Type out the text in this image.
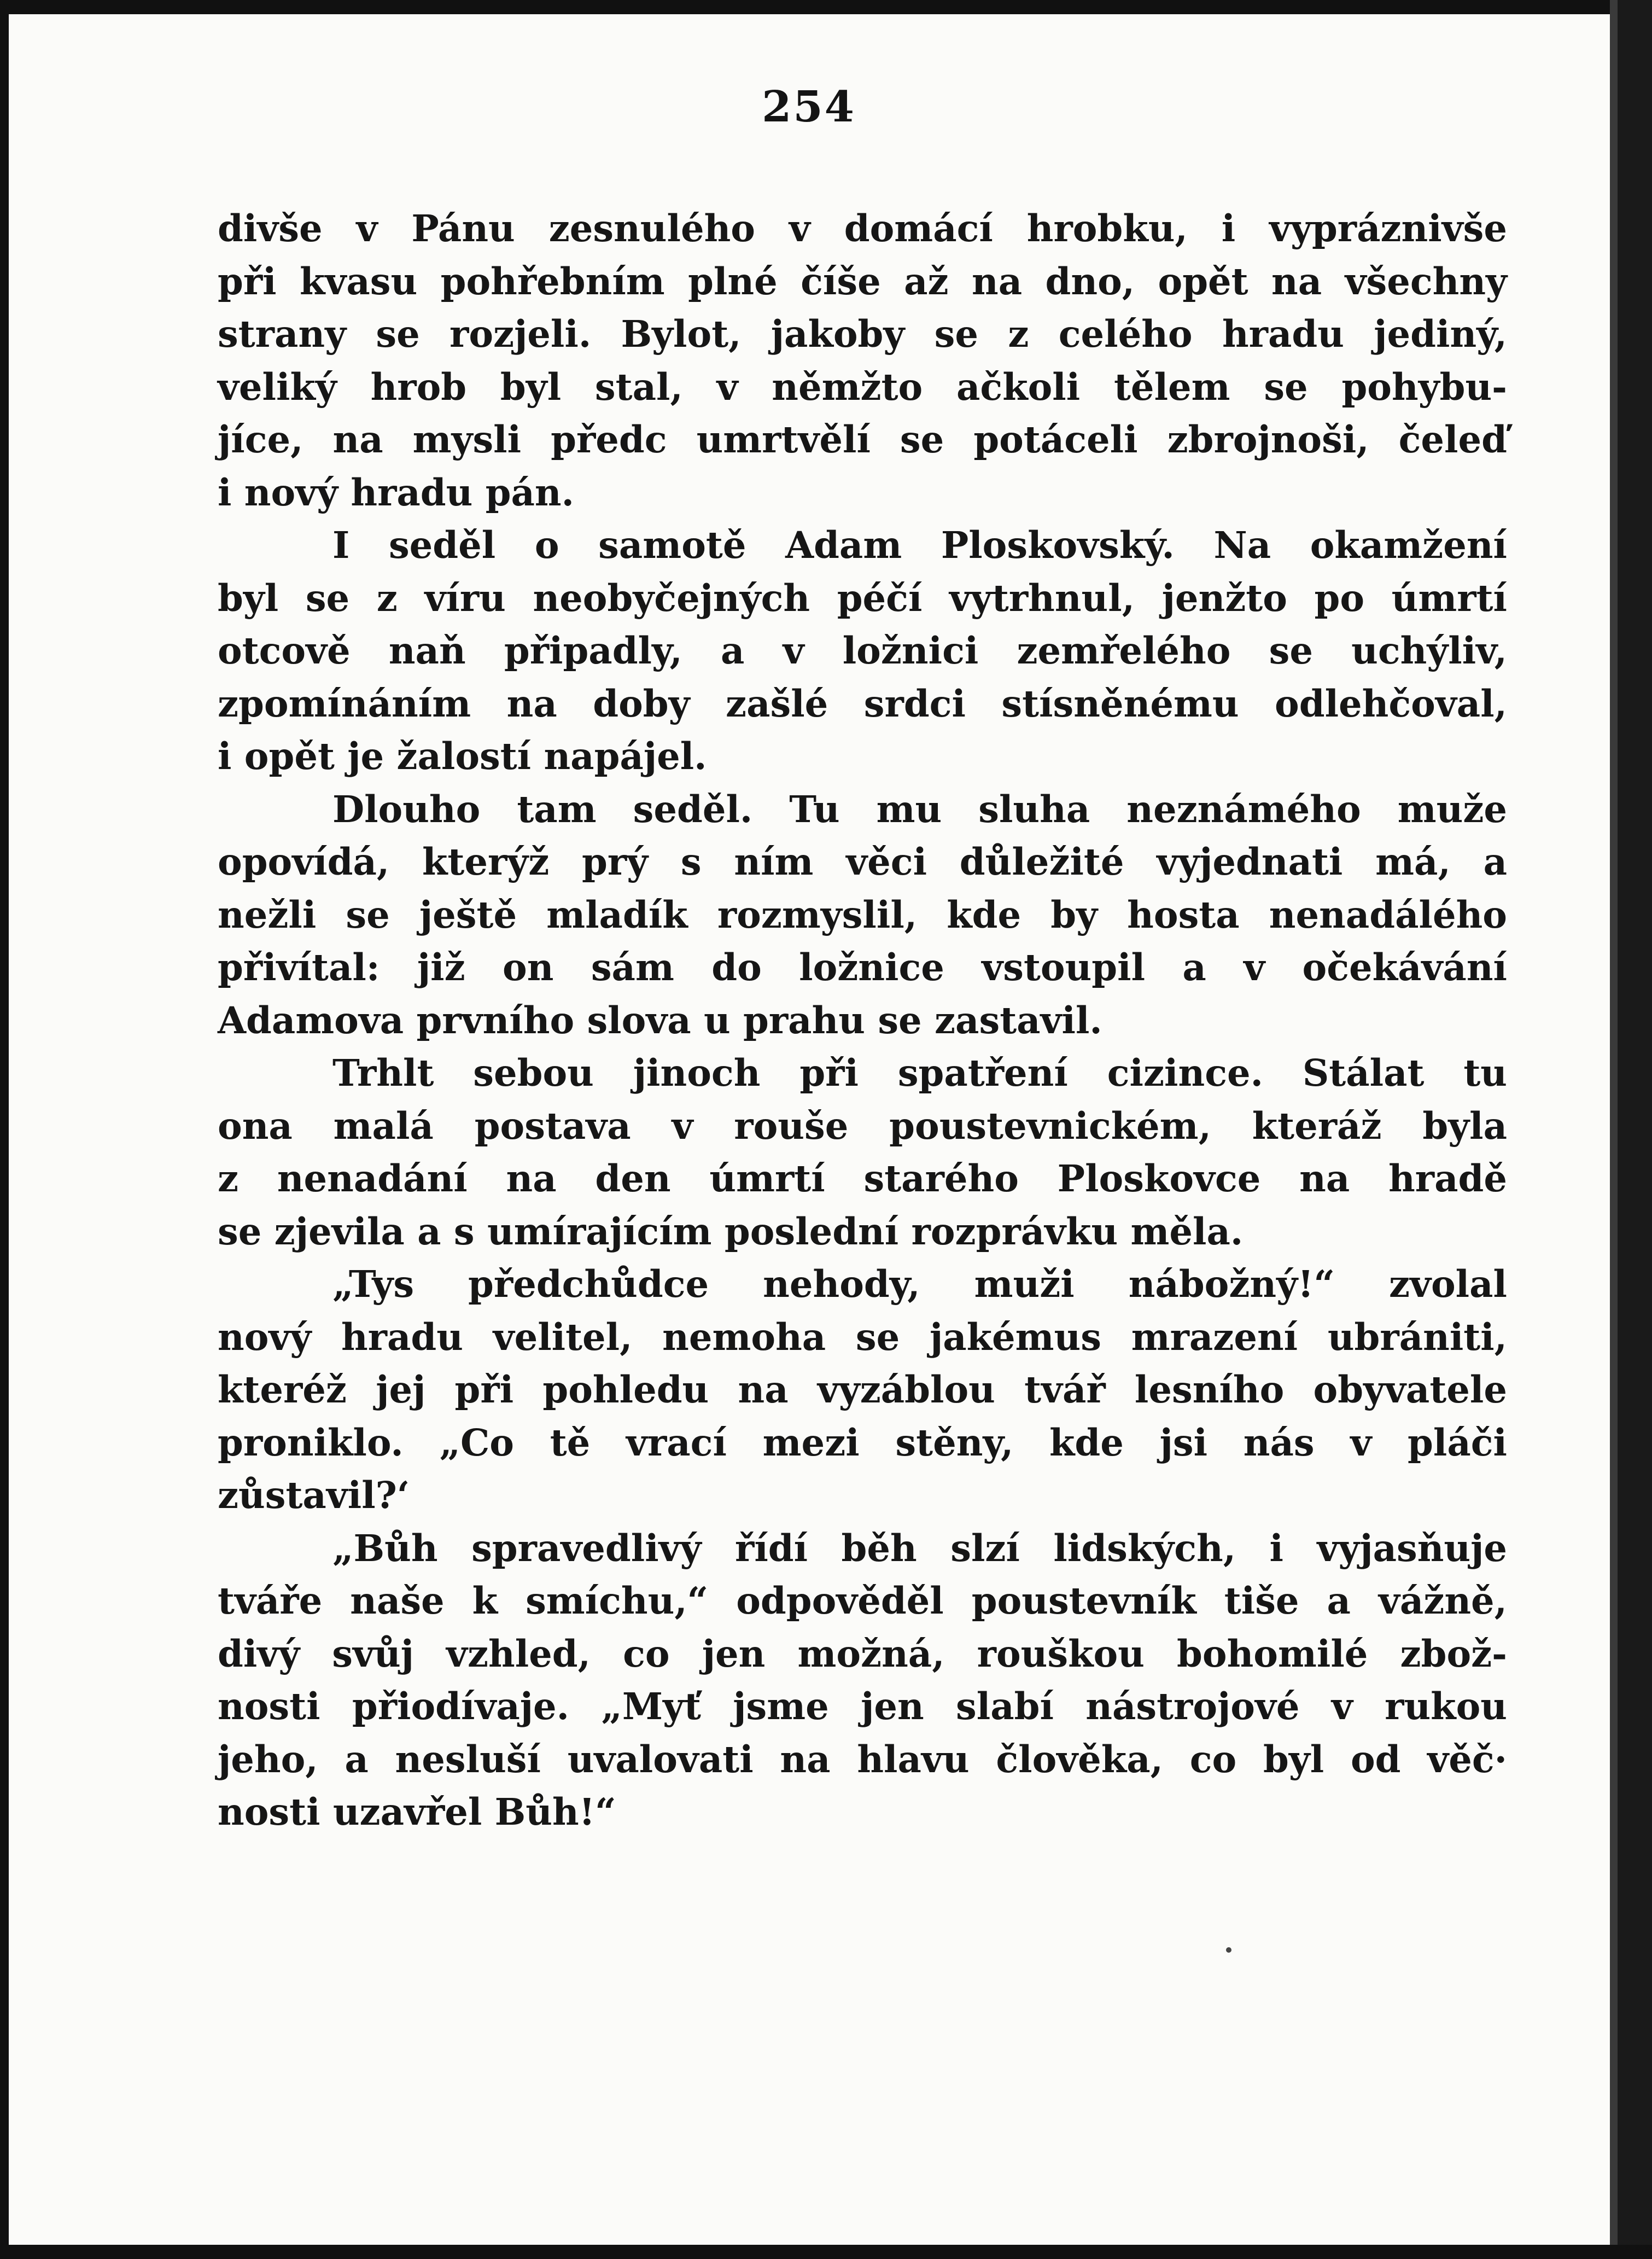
254
divše v Pánu zesnulého v domácí hrobku, i vypráznivše
při kvasu pohřebním plné číše až na dno, opět na všechny
strany se rozjeli. Bylot, jakoby se z celého hradu jediný,
veliký hrob byl stal, v němžto ačkoli tělem se pohybu-
jíce, na mysli předc umrtvělí se potáceli zbrojnoši, čeleď
i nový hradu pán.
I seděl o samotě Adam Ploskovský. Na okamžení
byl se z víru neobyčejných péčí vytrhnul, jenžto po úmrtí
otcově naň připadly, a v ložnici zemřelého se uchýliv,
zpomínáním na doby zašlé srdci stísněnému odlehčoval,
i opět je žalostí napájel.
Dlouho tam seděl. Tu mu sluha neznámého muže
opovídá, kterýž prý s ním věci důležité vyjednati má, a
nežli se ještě mladík rozmyslil, kde by hosta nenadálého
přivítal: již on sám do ložnice vstoupil a v očekávání
Adamova prvního slova u prahu se zastavil.
Trhlt sebou jinoch při spatření cizince. Stálat tu
ona malá postava v rouše poustevnickém, kteráž byla
z nenadání na den úmrtí starého Ploskovce na hradě
se zjevila a s umírajícím poslední rozprávku měla.
„Tys předchůdce nehody, muži nábožný!“ zvolal
nový hradu velitel, nemoha se jakémus mrazení ubrániti,
kteréž jej při pohledu na vyzáblou tvář lesního obyvatele
proniklo. „Co tě vrací mezi stěny, kde jsi nás v pláči
zůstavil?‘
„Bůh spravedlivý řídí běh slzí lidských, i vyjasňuje
tváře naše k smíchu,“ odpověděl poustevník tiše a vážně,
divý svůj vzhled, co jen možná, rouškou bohomilé zbož-
nosti přiodívaje. „Myť jsme jen slabí nástrojové v rukou
jeho, a nesluší uvalovati na hlavu člověka, co byl od věč·
nosti uzavřel Bůh!“
